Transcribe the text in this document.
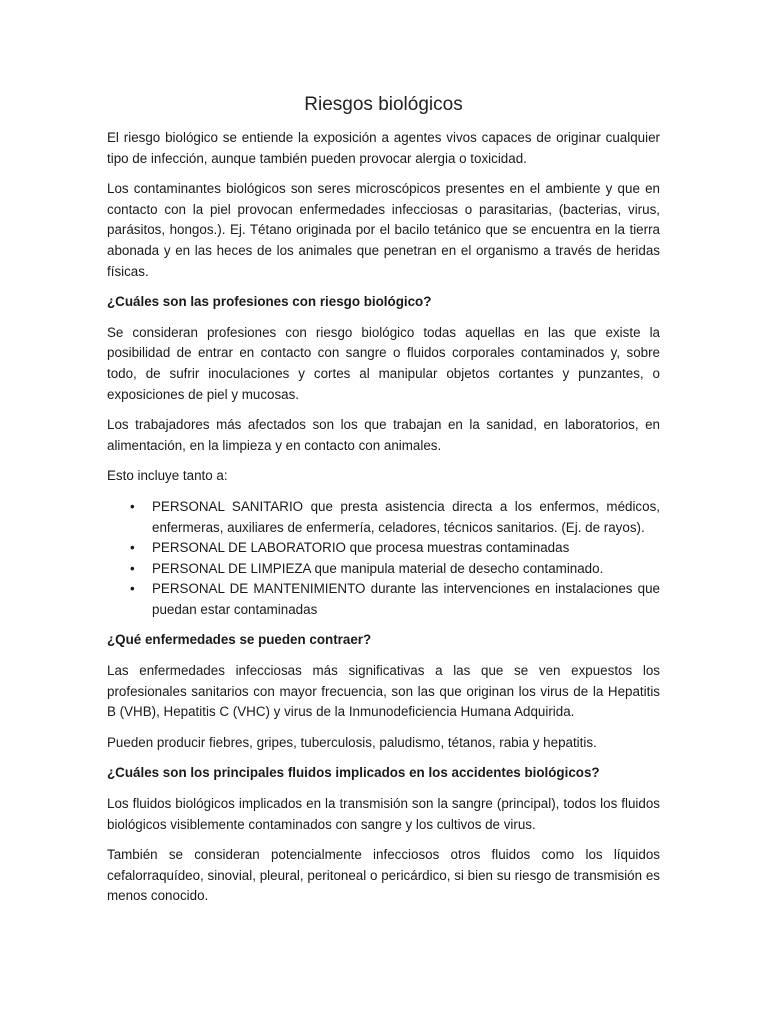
Riesgos biológicos

El riesgo biológico se entiende la exposición a agentes vivos capaces de originar cualquier tipo de infección, aunque también pueden provocar alergia o toxicidad.

Los contaminantes biológicos son seres microscópicos presentes en el ambiente y que en contacto con la piel provocan enfermedades infecciosas o parasitarias, (bacterias, virus, parásitos, hongos.). Ej. Tétano originada por el bacilo tetánico que se encuentra en la tierra abonada y en las heces de los animales que penetran en el organismo a través de heridas físicas.

¿Cuáles son las profesiones con riesgo biológico?

Se consideran profesiones con riesgo biológico todas aquellas en las que existe la posibilidad de entrar en contacto con sangre o fluidos corporales contaminados y, sobre todo, de sufrir inoculaciones y cortes al manipular objetos cortantes y punzantes, o exposiciones de piel y mucosas.

Los trabajadores más afectados son los que trabajan en la sanidad, en laboratorios, en alimentación, en la limpieza y en contacto con animales.

Esto incluye tanto a:

•	PERSONAL SANITARIO que presta asistencia directa a los enfermos, médicos, enfermeras, auxiliares de enfermería, celadores, técnicos sanitarios. (Ej. de rayos).
•	PERSONAL DE LABORATORIO que procesa muestras contaminadas
•	PERSONAL DE LIMPIEZA que manipula material de desecho contaminado.
•	PERSONAL DE MANTENIMIENTO durante las intervenciones en instalaciones que puedan estar contaminadas

¿Qué enfermedades se pueden contraer?

Las enfermedades infecciosas más significativas a las que se ven expuestos los profesionales sanitarios con mayor frecuencia, son las que originan los virus de la Hepatitis B (VHB), Hepatitis C (VHC) y virus de la Inmunodeficiencia Humana Adquirida.

Pueden producir fiebres, gripes, tuberculosis, paludismo, tétanos, rabia y hepatitis.

¿Cuáles son los principales fluidos implicados en los accidentes biológicos?

Los fluidos biológicos implicados en la transmisión son la sangre (principal), todos los fluidos biológicos visiblemente contaminados con sangre y los cultivos de virus.

También se consideran potencialmente infecciosos otros fluidos como los líquidos cefalorraquídeo, sinovial, pleural, peritoneal o pericárdico, si bien su riesgo de transmisión es menos conocido.
